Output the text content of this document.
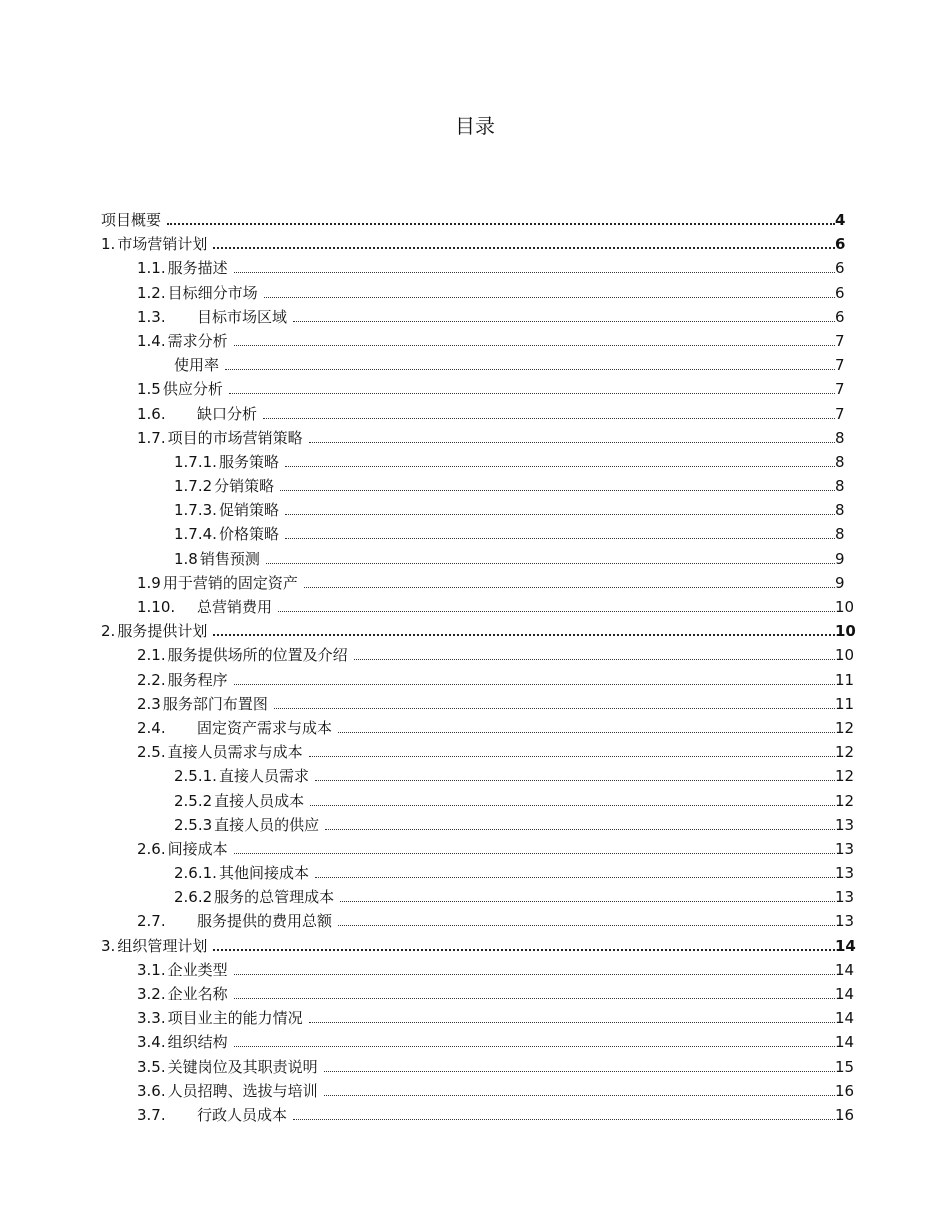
目录
项目概要	4
1. 市场营销计划	6
1.1. 服务描述	6
1.2. 目标细分市场	6
1.3.	目标市场区域	6
1.4. 需求分析	7
使用率	7
1.5 供应分析	7
1.6.	缺口分析	7
1.7. 项目的市场营销策略	8
1.7.1. 服务策略	8
1.7.2 分销策略	8
1.7.3. 促销策略	8
1.7.4. 价格策略	8
1.8 销售预测	9
1.9 用于营销的固定资产	9
1.10.	总营销费用	10
2. 服务提供计划	10
2.1. 服务提供场所的位置及介绍	10
2.2. 服务程序	11
2.3 服务部门布置图	11
2.4.	固定资产需求与成本	12
2.5. 直接人员需求与成本	12
2.5.1. 直接人员需求	12
2.5.2 直接人员成本	12
2.5.3 直接人员的供应	13
2.6. 间接成本	13
2.6.1. 其他间接成本	13
2.6.2 服务的总管理成本	13
2.7.	服务提供的费用总额	13
3. 组织管理计划	14
3.1. 企业类型	14
3.2. 企业名称	14
3.3. 项目业主的能力情况	14
3.4. 组织结构	14
3.5. 关键岗位及其职责说明	15
3.6. 人员招聘、选拔与培训	16
3.7.	行政人员成本	16
